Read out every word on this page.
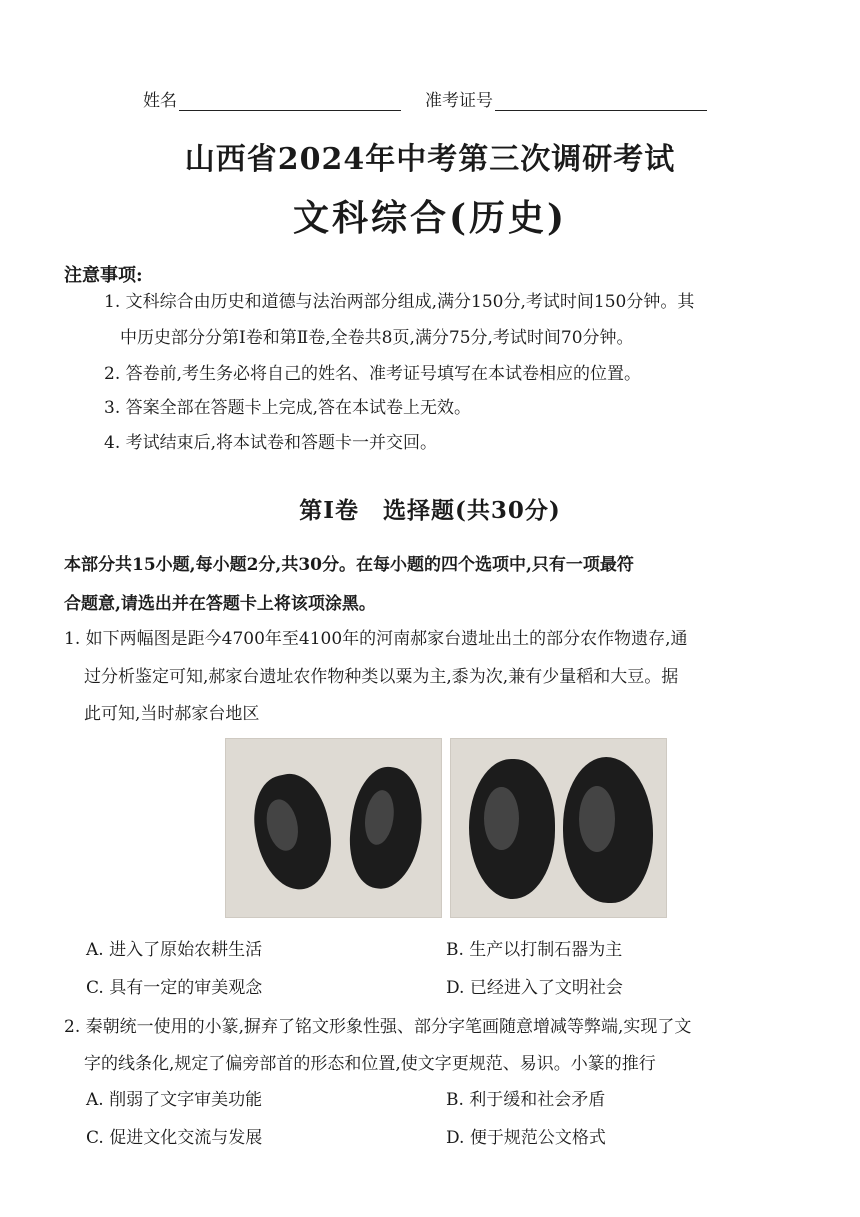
姓名	准考证号
山西省2024年中考第三次调研考试
文科综合(历史)
注意事项:
1. 文科综合由历史和道德与法治两部分组成,满分150分,考试时间150分钟。其
中历史部分分第Ⅰ卷和第Ⅱ卷,全卷共8页,满分75分,考试时间70分钟。
2. 答卷前,考生务必将自己的姓名、准考证号填写在本试卷相应的位置。
3. 答案全部在答题卡上完成,答在本试卷上无效。
4. 考试结束后,将本试卷和答题卡一并交回。
第Ⅰ卷　选择题(共30分)
本部分共15小题,每小题2分,共30分。在每小题的四个选项中,只有一项最符
合题意,请选出并在答题卡上将该项涂黑。
1. 如下两幅图是距今4700年至4100年的河南郝家台遗址出土的部分农作物遗存,通
过分析鉴定可知,郝家台遗址农作物种类以粟为主,黍为次,兼有少量稻和大豆。据
此可知,当时郝家台地区
A. 进入了原始农耕生活	B. 生产以打制石器为主
C. 具有一定的审美观念	D. 已经进入了文明社会
2. 秦朝统一使用的小篆,摒弃了铭文形象性强、部分字笔画随意增减等弊端,实现了文
字的线条化,规定了偏旁部首的形态和位置,使文字更规范、易识。小篆的推行
A. 削弱了文字审美功能	B. 利于缓和社会矛盾
C. 促进文化交流与发展	D. 便于规范公文格式
